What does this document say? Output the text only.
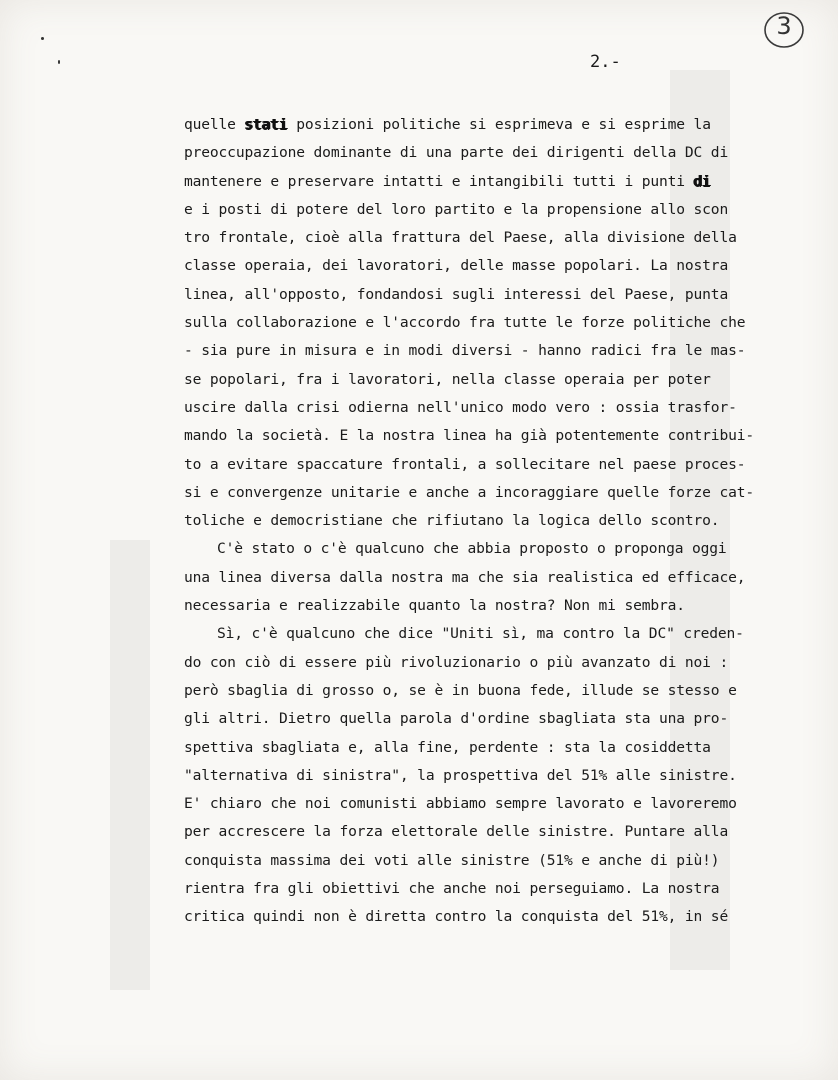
3
2.-
quelle stati posizioni politiche si esprimeva e si esprime la
preoccupazione dominante di una parte dei dirigenti della DC di
mantenere e preservare intatti e intangibili tutti i punti di
e i posti di potere del loro partito e la propensione allo scon
tro frontale, cioè alla frattura del Paese, alla divisione della
classe operaia, dei lavoratori, delle masse popolari. La nostra
linea, all'opposto, fondandosi sugli interessi del Paese, punta
sulla collaborazione e l'accordo fra tutte le forze politiche che
- sia pure in misura e in modi diversi - hanno radici fra le mas-
se popolari, fra i lavoratori, nella classe operaia per poter
uscire dalla crisi odierna nell'unico modo vero : ossia trasfor-
mando la società. E la nostra linea ha già potentemente contribui-
to a evitare spaccature frontali, a sollecitare nel paese proces-
si e convergenze unitarie e anche a incoraggiare quelle forze cat-
toliche e democristiane che rifiutano la logica dello scontro.
C'è stato o c'è qualcuno che abbia proposto o proponga oggi
una linea diversa dalla nostra ma che sia realistica ed efficace,
necessaria e realizzabile quanto la nostra? Non mi sembra.
Sì, c'è qualcuno che dice "Uniti sì, ma contro la DC" creden-
do con ciò di essere più rivoluzionario o più avanzato di noi :
però sbaglia di grosso o, se è in buona fede, illude se stesso e
gli altri. Dietro quella parola d'ordine sbagliata sta una pro-
spettiva sbagliata e, alla fine, perdente : sta la cosiddetta
"alternativa di sinistra", la prospettiva del 51% alle sinistre.
E' chiaro che noi comunisti abbiamo sempre lavorato e lavoreremo
per accrescere la forza elettorale delle sinistre. Puntare alla
conquista massima dei voti alle sinistre (51% e anche di più!)
rientra fra gli obiettivi che anche noi perseguiamo. La nostra
critica quindi non è diretta contro la conquista del 51%, in sé
